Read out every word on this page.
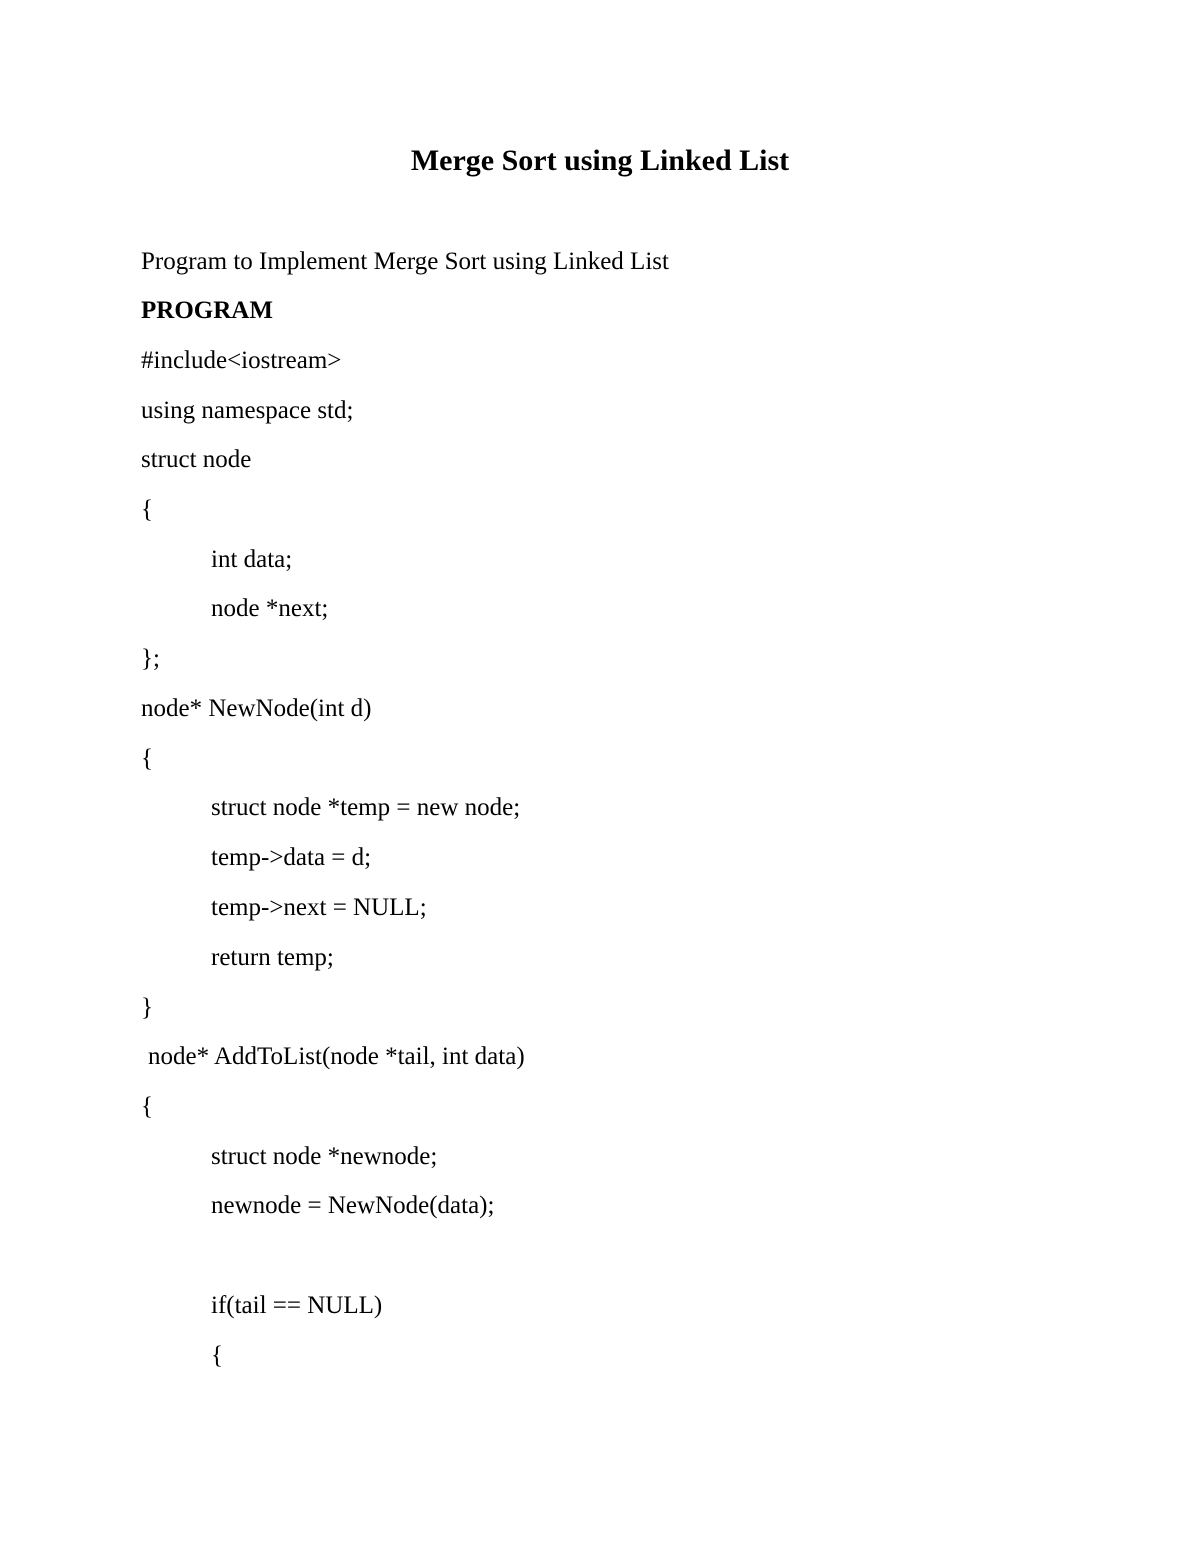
Merge Sort using Linked List

Program to Implement Merge Sort using Linked List

PROGRAM

#include<iostream>

using namespace std;

struct node

{

int data;

node *next;

};

node* NewNode(int d)

{

struct node *temp = new node;

temp->data = d;

temp->next = NULL;

return temp;

}

node* AddToList(node *tail, int data)

{

struct node *newnode;

newnode = NewNode(data);

if(tail == NULL)

{
